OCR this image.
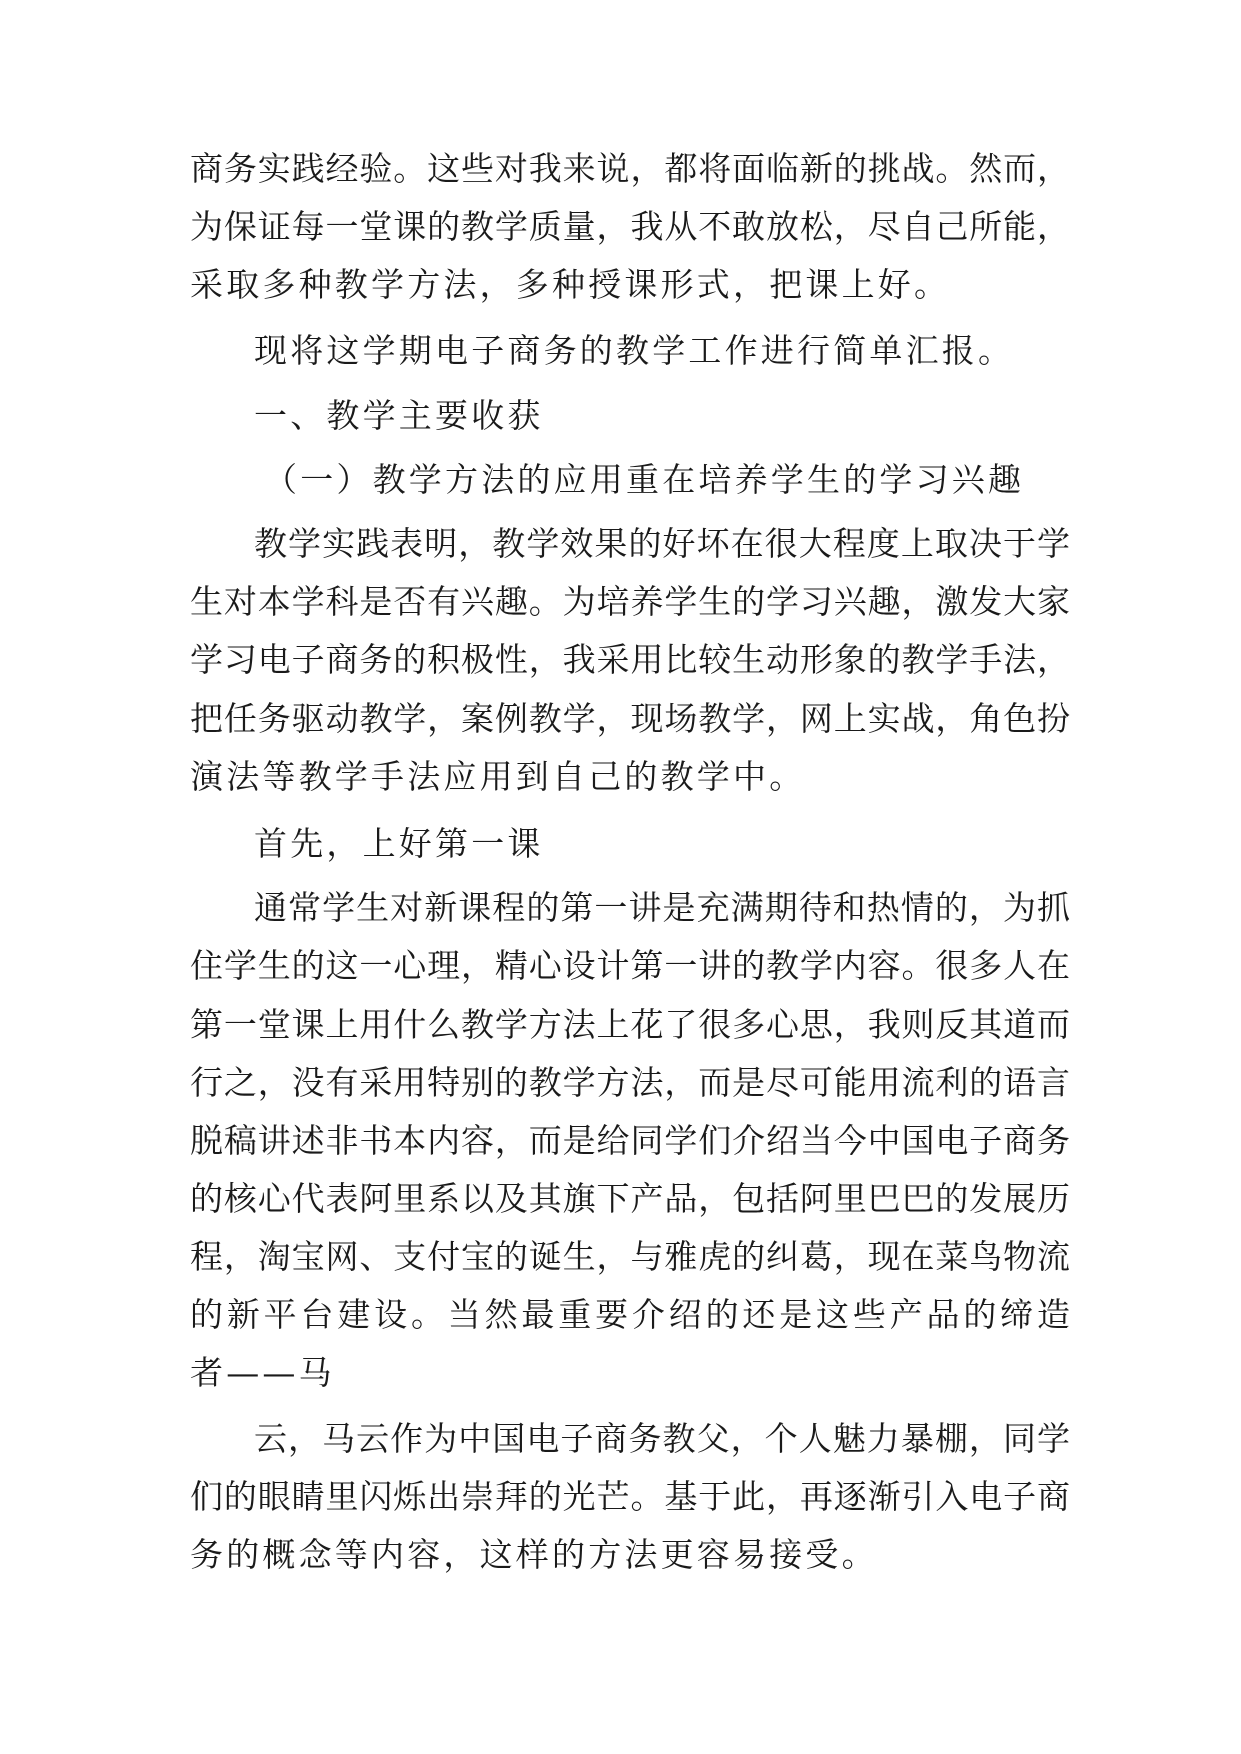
商务实践经验。这些对我来说，都将面临新的挑战。然而，
为保证每一堂课的教学质量，我从不敢放松，尽自己所能，
采取多种教学方法，多种授课形式，把课上好。
现将这学期电子商务的教学工作进行简单汇报。
一、教学主要收获
（一）教学方法的应用重在培养学生的学习兴趣
教学实践表明，教学效果的好坏在很大程度上取决于学
生对本学科是否有兴趣。为培养学生的学习兴趣，激发大家
学习电子商务的积极性，我采用比较生动形象的教学手法，
把任务驱动教学，案例教学，现场教学，网上实战，角色扮
演法等教学手法应用到自己的教学中。
首先，上好第一课
通常学生对新课程的第一讲是充满期待和热情的，为抓
住学生的这一心理，精心设计第一讲的教学内容。很多人在
第一堂课上用什么教学方法上花了很多心思，我则反其道而
行之，没有采用特别的教学方法，而是尽可能用流利的语言
脱稿讲述非书本内容，而是给同学们介绍当今中国电子商务
的核心代表阿里系以及其旗下产品，包括阿里巴巴的发展历
程，淘宝网、支付宝的诞生，与雅虎的纠葛，现在菜鸟物流
的新平台建设。当然最重要介绍的还是这些产品的缔造
者——马
云，马云作为中国电子商务教父，个人魅力暴棚，同学
们的眼睛里闪烁出崇拜的光芒。基于此，再逐渐引入电子商
务的概念等内容，这样的方法更容易接受。
